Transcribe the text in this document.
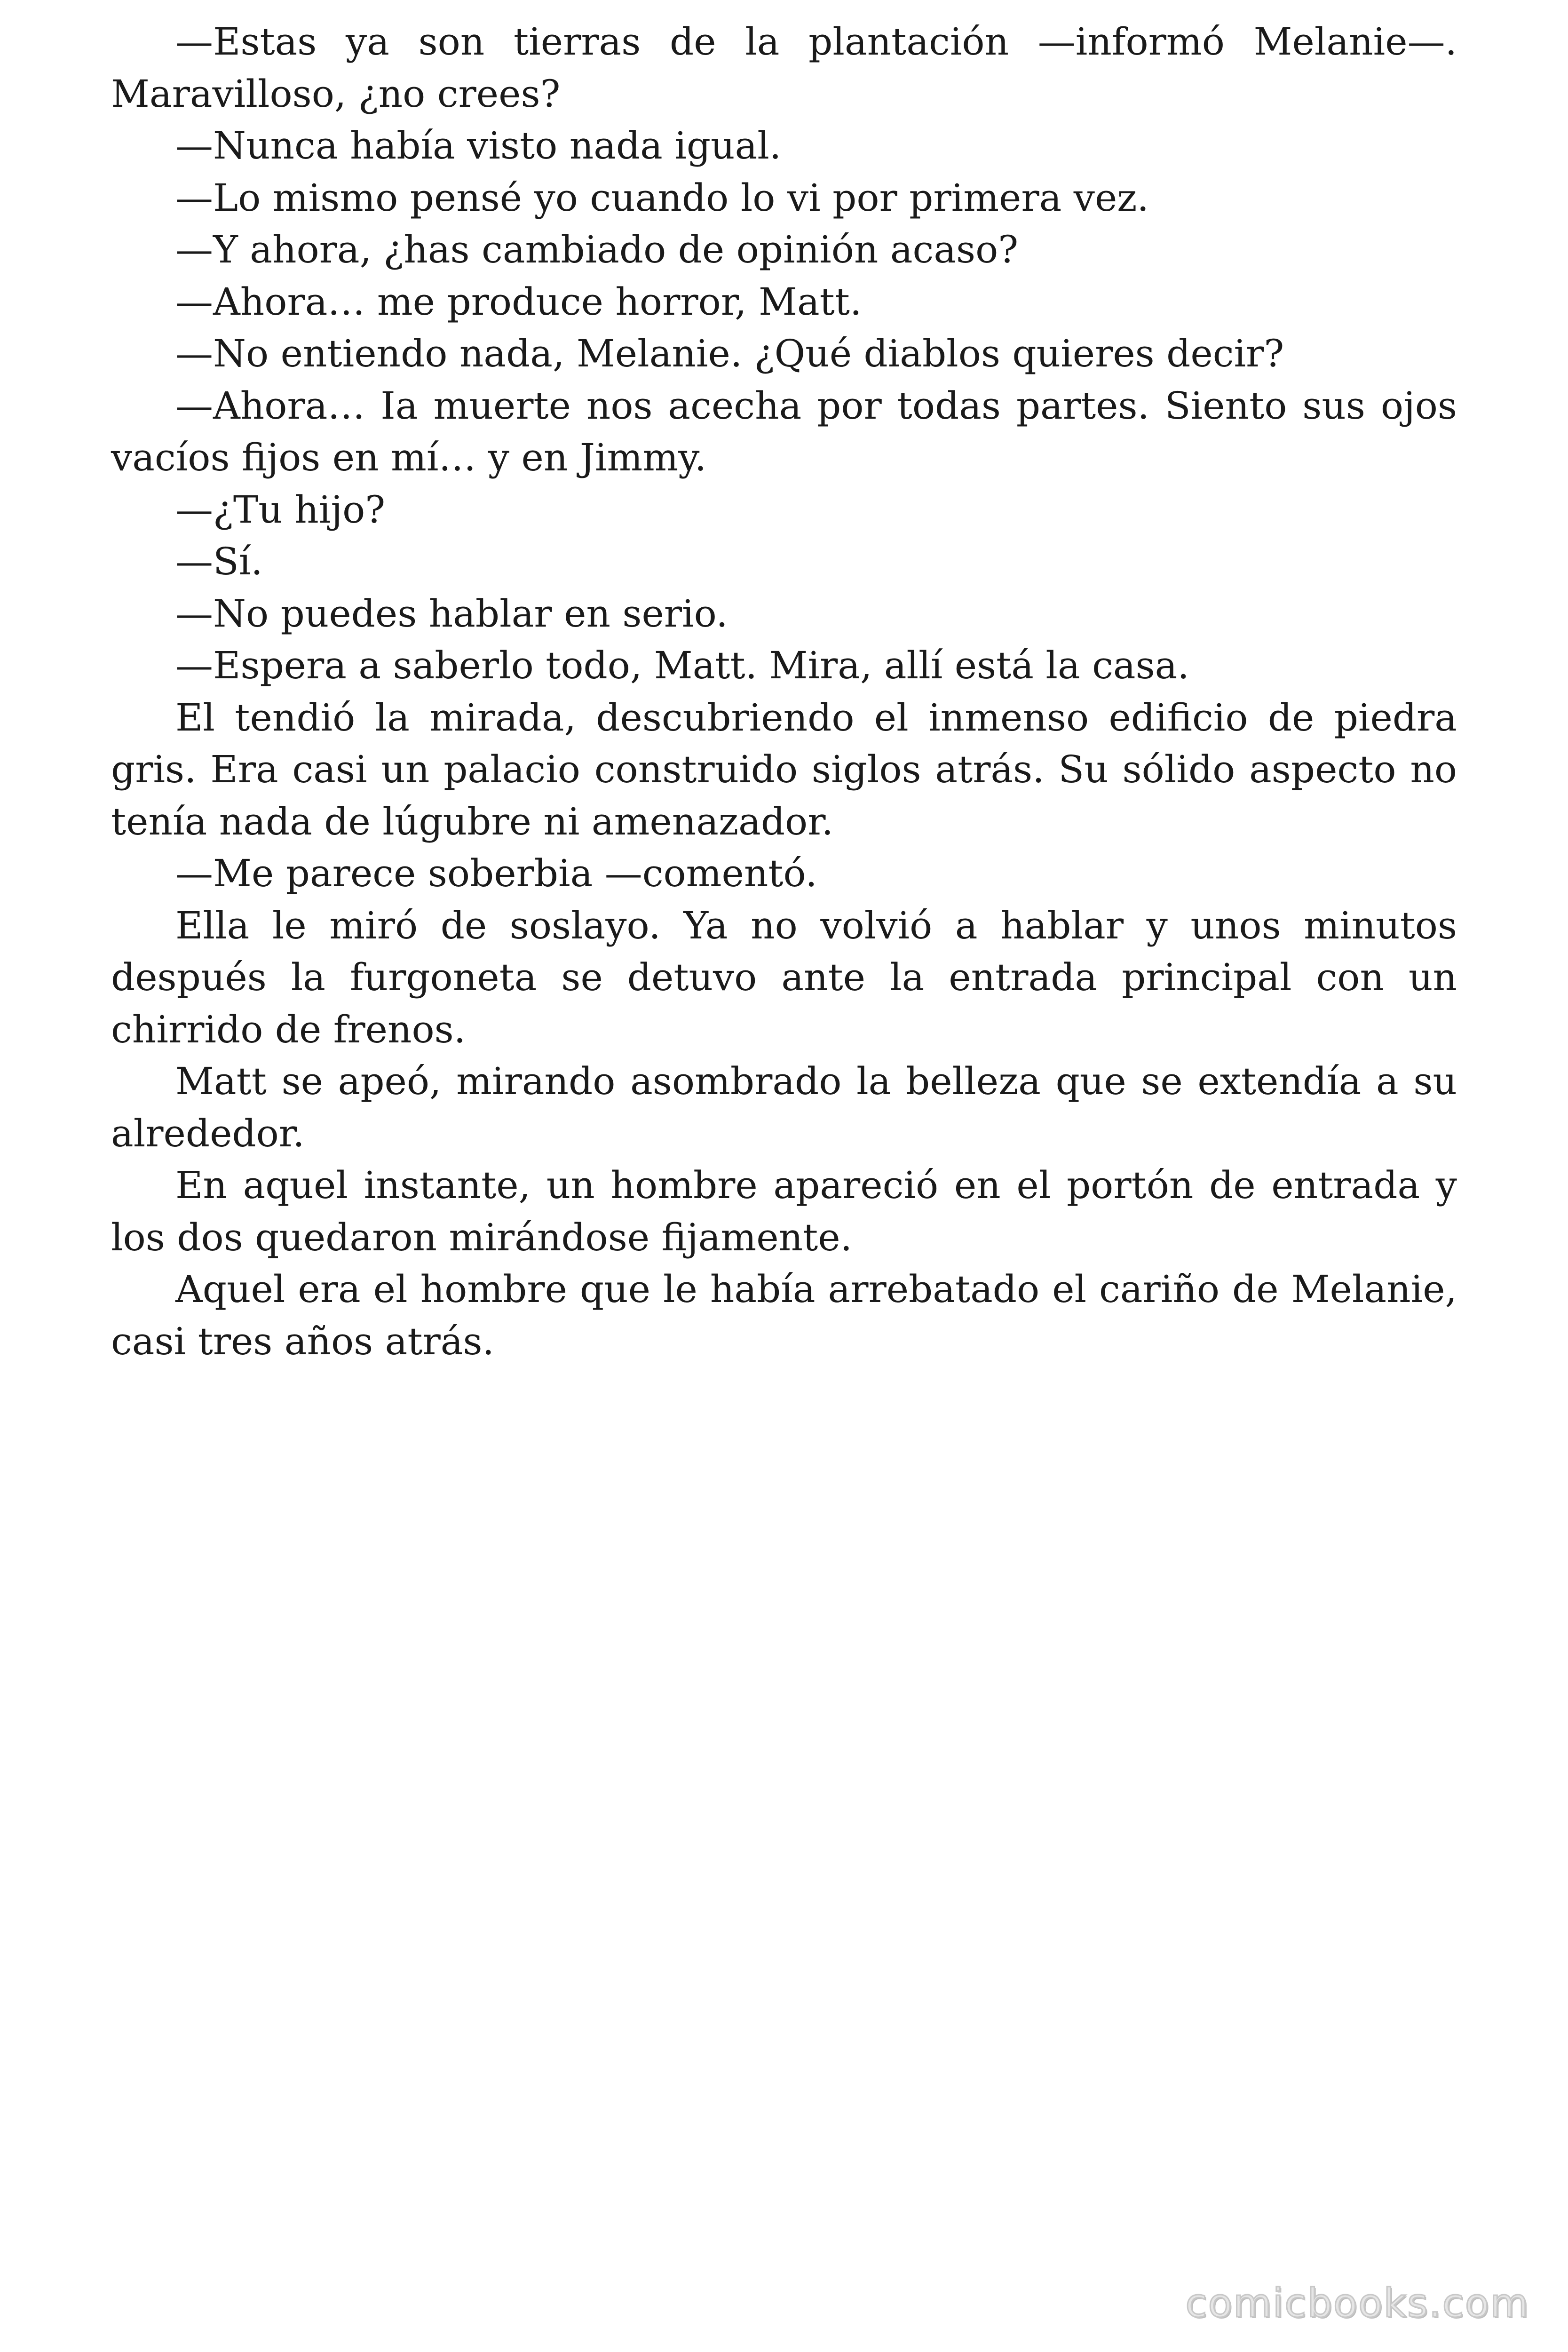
—Estas ya son tierras de la plantación —informó Melanie—. Maravilloso, ¿no crees?

—Nunca había visto nada igual.

—Lo mismo pensé yo cuando lo vi por primera vez.

—Y ahora, ¿has cambiado de opinión acaso?

—Ahora… me produce horror, Matt.

—No entiendo nada, Melanie. ¿Qué diablos quieres decir?

—Ahora… Ia muerte nos acecha por todas partes. Siento sus ojos vacíos fijos en mí… y en Jimmy.

—¿Tu hijo?

—Sí.

—No puedes hablar en serio.

—Espera a saberlo todo, Matt. Mira, allí está la casa.

El tendió la mirada, descubriendo el inmenso edificio de piedra gris. Era casi un palacio construido siglos atrás. Su sólido aspecto no tenía nada de lúgubre ni amenazador.

—Me parece soberbia —comentó.

Ella le miró de soslayo. Ya no volvió a hablar y unos minutos después la furgoneta se detuvo ante la entrada principal con un chirrido de frenos.

Matt se apeó, mirando asombrado la belleza que se extendía a su alrededor.

En aquel instante, un hombre apareció en el portón de entrada y los dos quedaron mirándose fijamente.

Aquel era el hombre que le había arrebatado el cariño de Melanie, casi tres años atrás.

comicbooks.com
